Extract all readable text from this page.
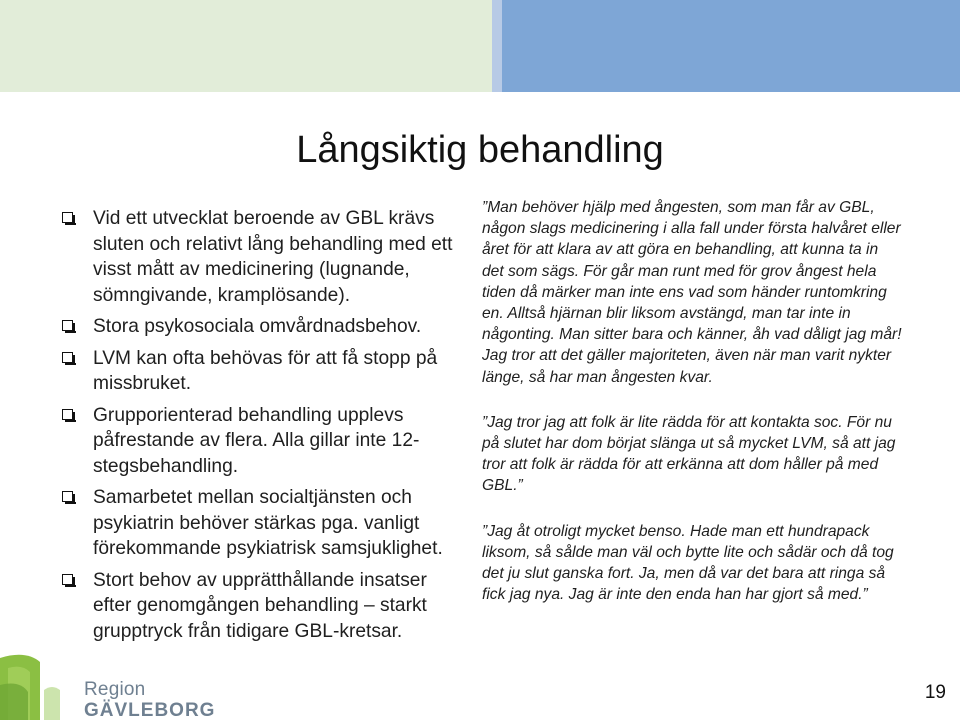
Långsiktig behandling
Vid ett utvecklat beroende av GBL krävs sluten och relativt lång behandling med ett visst mått av medicinering (lugnande, sömngivande, kramplösande).
Stora psykosociala omvårdnadsbehov.
LVM kan ofta behövas för att få stopp på missbruket.
Grupporienterad behandling upplevs påfrestande av flera. Alla gillar inte 12-stegsbehandling.
Samarbetet mellan socialtjänsten och psykiatrin behöver stärkas pga. vanligt förekommande psykiatrisk samsjuklighet.
Stort behov av upprätthållande insatser efter genomgången behandling – starkt grupptryck från tidigare GBL-kretsar.

”Man behöver hjälp med ångesten, som man får av GBL, någon slags medicinering i alla fall under första halvåret eller året för att klara av att göra en behandling, att kunna ta in det som sägs. För går man runt med för grov ångest hela tiden då märker man inte ens vad som händer runtomkring en. Alltså hjärnan blir liksom avstängd, man tar inte in någonting. Man sitter bara och känner, åh vad dåligt jag mår! Jag tror att det gäller majoriteten, även när man varit nykter länge, så har man ångesten kvar.

”Jag tror jag att folk är lite rädda för att kontakta soc. För nu på slutet har dom börjat slänga ut så mycket LVM, så att jag tror att folk är rädda för att erkänna att dom håller på med GBL.”

”Jag åt otroligt mycket benso. Hade man ett hundrapack liksom, så sålde man väl och bytte lite och sådär och då tog det ju slut ganska fort. Ja, men då var det bara att ringa så fick jag nya. Jag är inte den enda han har gjort så med.”

Region
GÄVLEBORG
19
